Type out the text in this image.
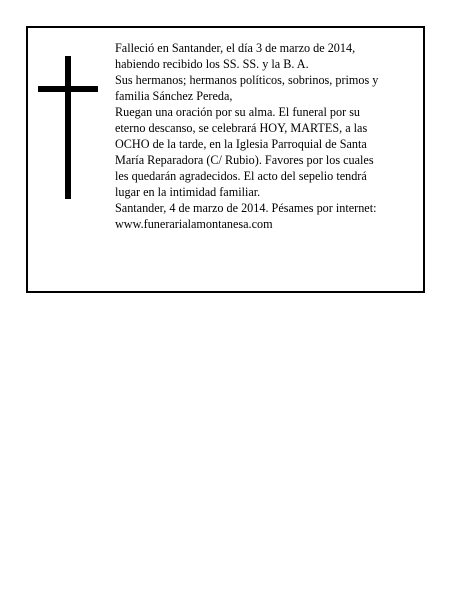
Falleció en Santander, el día 3 de marzo de 2014,

habiendo recibido los SS. SS. y la B. A.

Sus hermanos; hermanos políticos, sobrinos, primos y

familia Sánchez Pereda,

Ruegan una oración por su alma. El funeral por su

eterno descanso, se celebrará HOY, MARTES, a las

OCHO de la tarde, en la Iglesia Parroquial de Santa

María Reparadora (C/ Rubio). Favores por los cuales

les quedarán agradecidos. El acto del sepelio tendrá

lugar en la intimidad familiar.

Santander, 4 de marzo de 2014. Pésames por internet:

www.funerarialamontanesa.com
